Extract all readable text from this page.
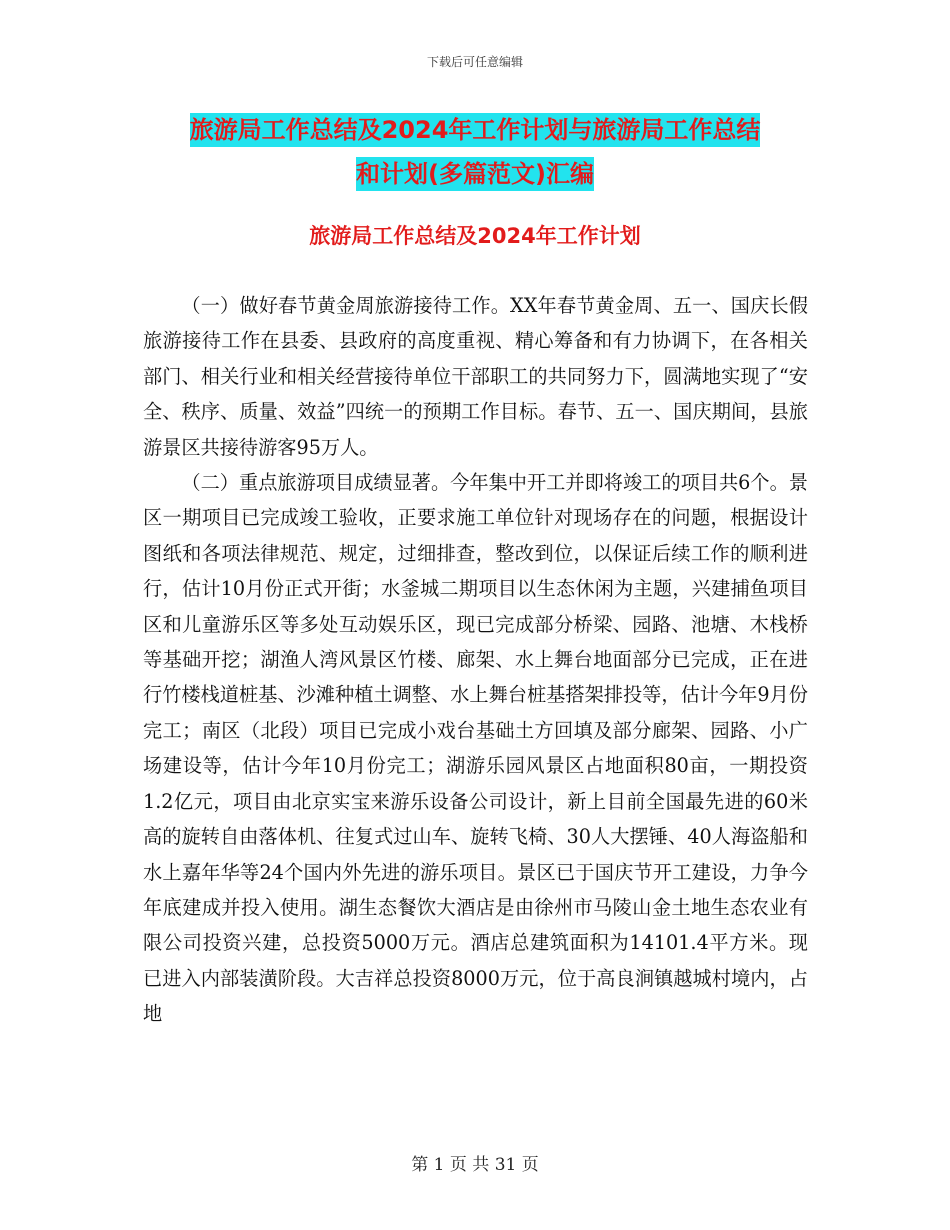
下载后可任意编辑
旅游局工作总结及2024年工作计划与旅游局工作总结
和计划(多篇范文)汇编
旅游局工作总结及2024年工作计划

（一）做好春节黄金周旅游接待工作。XX年春节黄金周、五一、国庆长假旅游接待工作在县委、县政府的高度重视、精心筹备和有力协调下，在各相关部门、相关行业和相关经营接待单位干部职工的共同努力下，圆满地实现了“安全、秩序、质量、效益”四统一的预期工作目标。春节、五一、国庆期间，县旅游景区共接待游客95万人。

（二）重点旅游项目成绩显著。今年集中开工并即将竣工的项目共6个。景区一期项目已完成竣工验收，正要求施工单位针对现场存在的问题，根据设计图纸和各项法律规范、规定，过细排查，整改到位，以保证后续工作的顺利进行，估计10月份正式开街；水釜城二期项目以生态休闲为主题，兴建捕鱼项目区和儿童游乐区等多处互动娱乐区，现已完成部分桥梁、园路、池塘、木栈桥等基础开挖；湖渔人湾风景区竹楼、廊架、水上舞台地面部分已完成，正在进行竹楼栈道桩基、沙滩种植土调整、水上舞台桩基搭架排投等，估计今年9月份完工；南区（北段）项目已完成小戏台基础土方回填及部分廊架、园路、小广场建设等，估计今年10月份完工；湖游乐园风景区占地面积80亩，一期投资1.2亿元，项目由北京实宝来游乐设备公司设计，新上目前全国最先进的60米高的旋转自由落体机、往复式过山车、旋转飞椅、30人大摆锤、40人海盗船和水上嘉年华等24个国内外先进的游乐项目。景区已于国庆节开工建设，力争今年底建成并投入使用。湖生态餐饮大酒店是由徐州市马陵山金土地生态农业有限公司投资兴建，总投资5000万元。酒店总建筑面积为14101.4平方米。现已进入内部装潢阶段。大吉祥总投资8000万元，位于高良涧镇越城村境内，占地

第 1 页 共 31 页
